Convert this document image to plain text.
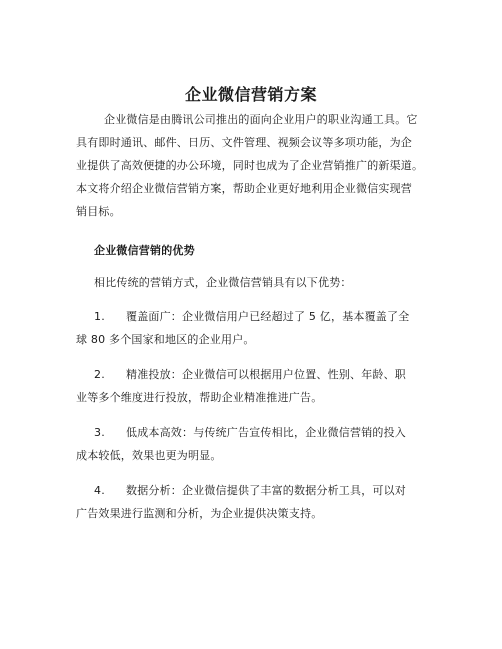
企业微信营销方案
企业微信是由腾讯公司推出的面向企业用户的职业沟通工具。它
具有即时通讯、邮件、日历、文件管理、视频会议等多项功能，为企
业提供了高效便捷的办公环境，同时也成为了企业营销推广的新渠道。
本文将介绍企业微信营销方案，帮助企业更好地利用企业微信实现营
销目标。
企业微信营销的优势
相比传统的营销方式，企业微信营销具有以下优势：
1. 覆盖面广：企业微信用户已经超过了 5 亿，基本覆盖了全
球 80 多个国家和地区的企业用户。
2. 精准投放：企业微信可以根据用户位置、性别、年龄、职
业等多个维度进行投放，帮助企业精准推进广告。
3. 低成本高效：与传统广告宣传相比，企业微信营销的投入
成本较低，效果也更为明显。
4. 数据分析：企业微信提供了丰富的数据分析工具，可以对
广告效果进行监测和分析，为企业提供决策支持。
